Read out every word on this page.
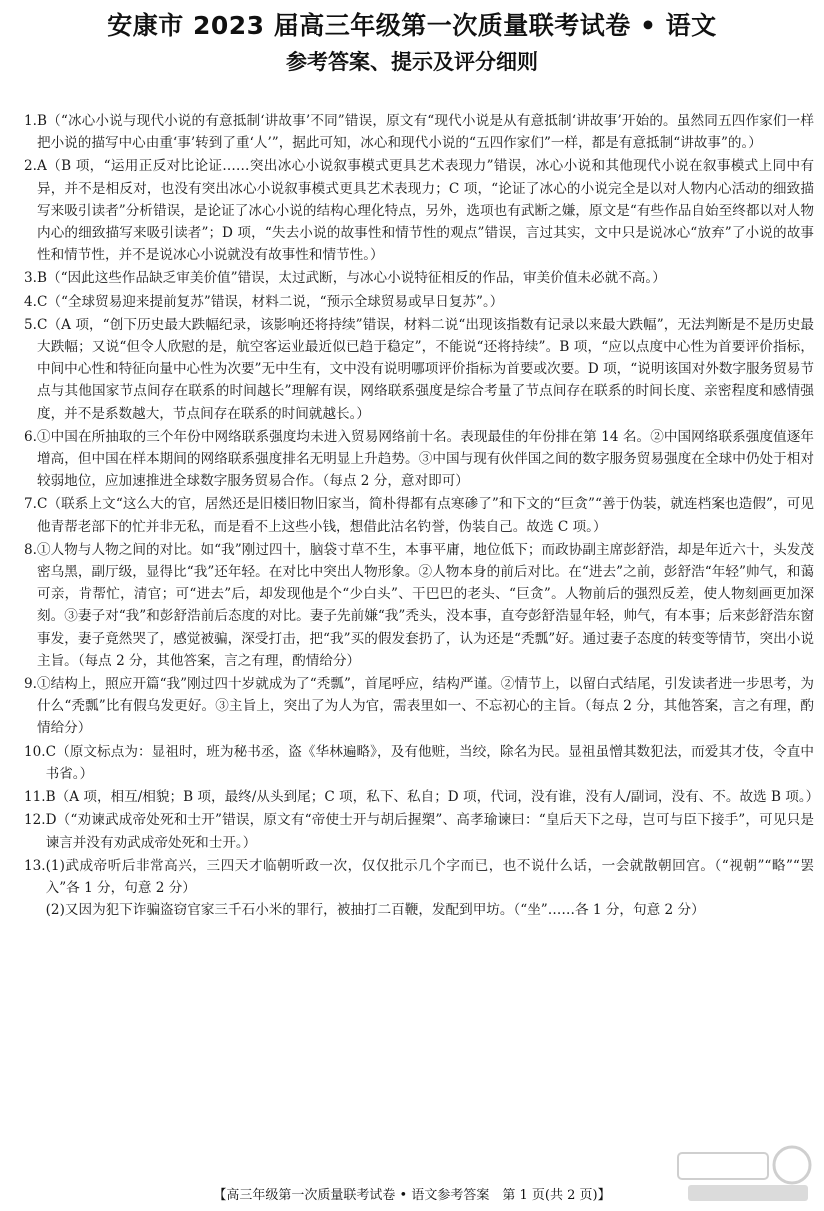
安康市 2023 届高三年级第一次质量联考试卷 • 语文
参考答案、提示及评分细则
1. B（“冰心小说与现代小说的有意抵制‘讲故事’不同”错误，原文有“现代小说是从有意抵制‘讲故事’开始的。虽然同五四作家们一样把小说的描写中心由重‘事’转到了重‘人’”，据此可知，冰心和现代小说的“五四作家们”一样，都是有意抵制“讲故事”的。）
2. A（B 项，“运用正反对比论证……突出冰心小说叙事模式更具艺术表现力”错误，冰心小说和其他现代小说在叙事模式上同中有异，并不是相反对，也没有突出冰心小说叙事模式更具艺术表现力；C 项，“论证了冰心的小说完全是以对人物内心活动的细致描写来吸引读者”分析错误，是论证了冰心小说的结构心理化特点，另外，选项也有武断之嫌，原文是“有些作品自始至终都以对人物内心的细致描写来吸引读者”；D 项，“失去小说的故事性和情节性的观点”错误，言过其实，文中只是说冰心“放弃”了小说的故事性和情节性，并不是说冰心小说就没有故事性和情节性。）
3. B（“因此这些作品缺乏审美价值”错误，太过武断，与冰心小说特征相反的作品，审美价值未必就不高。）
4. C（“全球贸易迎来提前复苏”错误，材料二说，“预示全球贸易或早日复苏”。）
5. C（A 项，“创下历史最大跌幅纪录，该影响还将持续”错误，材料二说“出现该指数有记录以来最大跌幅”，无法判断是不是历史最大跌幅；又说“但令人欣慰的是，航空客运业最近似已趋于稳定”，不能说“还将持续”。B 项，“应以点度中心性为首要评价指标，中间中心性和特征向量中心性为次要”无中生有，文中没有说明哪项评价指标为首要或次要。D 项，“说明该国对外数字服务贸易节点与其他国家节点间存在联系的时间越长”理解有误，网络联系强度是综合考量了节点间存在联系的时间长度、亲密程度和感情强度，并不是系数越大，节点间存在联系的时间就越长。）
6. ①中国在所抽取的三个年份中网络联系强度均未进入贸易网络前十名。表现最佳的年份排在第 14 名。②中国网络联系强度值逐年增高，但中国在样本期间的网络联系强度排名无明显上升趋势。③中国与现有伙伴国之间的数字服务贸易强度在全球中仍处于相对较弱地位，应加速推进全球数字服务贸易合作。（每点 2 分，意对即可）
7. C（联系上文“这么大的官，居然还是旧楼旧物旧家当，简朴得都有点寒碜了”和下文的“巨贪”“善于伪装，就连档案也造假”，可见他青帮老部下的忙并非无私，而是看不上这些小钱，想借此沽名钓誉，伪装自己。故选 C 项。）
8. ①人物与人物之间的对比。如“我”刚过四十，脑袋寸草不生，本事平庸，地位低下；而政协副主席彭舒浩，却是年近六十，头发茂密乌黑，副厅级，显得比“我”还年轻。在对比中突出人物形象。②人物本身的前后对比。在“进去”之前，彭舒浩“年轻”帅气，和蔼可亲，肯帮忙，清官；可“进去”后，却发现他是个“少白头”、干巴巴的老头、“巨贪”。人物前后的强烈反差，使人物刻画更加深刻。③妻子对“我”和彭舒浩前后态度的对比。妻子先前嫌“我”秃头，没本事，直夸彭舒浩显年轻，帅气，有本事；后来彭舒浩东窗事发，妻子竟然哭了，感觉被骗，深受打击，把“我”买的假发套扔了，认为还是“秃瓢”好。通过妻子态度的转变等情节，突出小说主旨。（每点 2 分，其他答案，言之有理，酌情给分）
9. ①结构上，照应开篇“我”刚过四十岁就成为了“秃瓢”，首尾呼应，结构严谨。②情节上，以留白式结尾，引发读者进一步思考，为什么“秃瓢”比有假乌发更好。③主旨上，突出了为人为官，需表里如一、不忘初心的主旨。（每点 2 分，其他答案，言之有理，酌情给分）
10. C（原文标点为：显祖时，班为秘书丞，盗《华林遍略》，及有他赃，当绞，除名为民。显祖虽憎其数犯法，而爱其才伎，令直中书省。）
11. B（A 项，相互/相貌；B 项，最终/从头到尾；C 项，私下、私自；D 项，代词，没有谁，没有人/副词，没有、不。故选 B 项。）
12. D（“劝谏武成帝处死和士开”错误，原文有“帝使士开与胡后握槊”、高孝瑜谏曰：“皇后天下之母，岂可与臣下接手”，可见只是谏言并没有劝武成帝处死和士开。）
13. (1)武成帝听后非常高兴，三四天才临朝听政一次，仅仅批示几个字而已，也不说什么话，一会就散朝回宫。（“视朝”“略”“罢入”各 1 分，句意 2 分）
(2)又因为犯下诈骗盗窃官家三千石小米的罪行，被抽打二百鞭，发配到甲坊。（“坐”……各 1 分，句意 2 分）
【高三年级第一次质量联考试卷 • 语文参考答案　第 1 页(共 2 页)】
